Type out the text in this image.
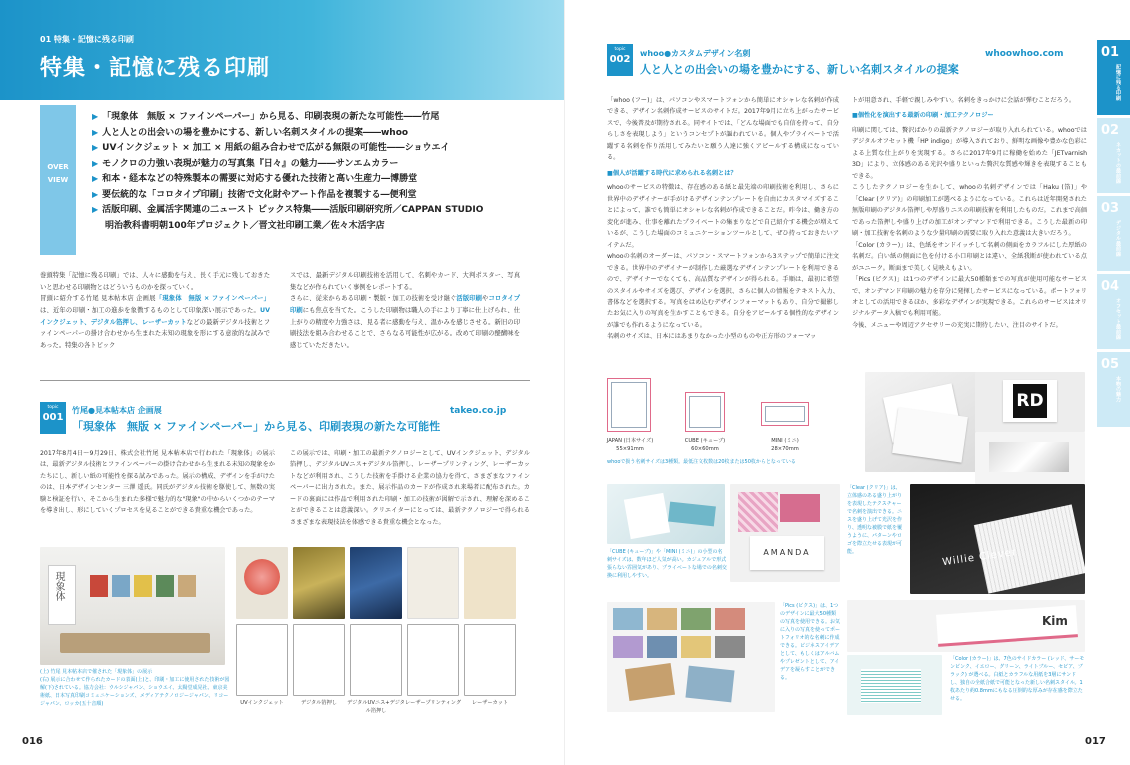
01 特集・記憶に残る印刷
特集・記憶に残る印刷
OVER
VIEW
▶ 「現象体　無版 × ファインペーパー」から見る、印刷表現の新たな可能性――竹尾
▶ 人と人との出会いの場を豊かにする、新しい名刺スタイルの提案――whoo
▶ UVインクジェット × 加工 × 用紙の組み合わせで広がる無限の可能性――ショウエイ
▶ モノクロの力強い表現が魅力の写真集『日々』の魅力――サンエムカラー
▶ 和本・経本などの特殊製本の需要に対応する優れた技術と高い生産力―博勝堂
▶ 要伝統的な「コロタイプ印刷」技術で文化財やアート作品を複製する―便利堂
▶ 活版印刷、金属活字関連の二ュースト ピックス特集――活版印刷研究所／CAPPAN STUDIO
明治教科書明朝100年プロジェクト／晋文社印刷工業／佐々木活字店
巻頭特集「記憶に残る印刷」では、人々に感動を与え、長く手元に残しておきたいと思わせる印刷物とはどういうものかを探っていく。
冒頭に紹介する竹尾 見本帖本店 企画展「現象体　無版 × ファインペーパー」は、近年の印刷・加工の進歩を象徴するものとして印象深い展示であった。UVインクジェット、デジタル箔押し、レーザーカットなどの最新デジタル技術とファインペーパーの掛け合わせから生まれた未知の現象を形にする意欲的な試みであった。特集の各トピック
スでは、最新デジタル印刷技術を活用して、名刺やカード、大判ポスター、写真集などが作られていく事例をレポートする。
さらに、従来からある印刷・製版・加工の技術を受け継ぐ活版印刷やコロタイプ印刷にも焦点を当てた。こうした印刷物は職人の手により丁寧に仕上げられ、仕上がりの精度や力強さは、見る者に感動を与え、温かみを感じさせる。新旧の印刷技法を組み合わせることで、さらなる可能性が広がる。改めて印刷の醍醐味を感じていただきたい。
topic
001
竹尾●見本帖本店 企画展	takeo.co.jp
「現象体　無版 × ファインペーパー」から見る、印刷表現の新たな可能性
2017年8月4日〜9月29日、株式会社竹尾 見本帖本店で行われた「現象体」の展示は、最新デジタル技術とファインペーパーの掛け合わせから生まれる未知の現象をかたちにし、新しい紙の可能性を探る試みであった。展示の構成、デザインを手がけたのは、日本デザインセンター 三澤 遥氏。同氏がデジタル技術を駆使して、無数の実験と検証を行い、そこから生まれた多様で魅力的な"現象"の中からいくつかのテーマを導き出し、形にしていくプロセスを見ることができる貴重な機会であった。
この展示では、印刷・加工の最新テクノロジーとして、UVインクジェット、デジタル箔押し、デジタルUVニス+デジタル箔押し、レーザープリンティング、レーザーカットなどが利用され、こうした技術を手掛ける企業の協力を得て、さまざまなファインペーパーに出力された。また、展示作品のカードが作成され来場者に配布された。カードの裏面には作品で利用された印刷・加工の技術が図解で示され、理解を深めることができることは意義深い。クリエイターにとっては、最新テクノロジーで得られるさまざまな表現技法を体感できる貴重な機会となった。
現象体
(上) 竹尾 見本帖本店で催された「現象体」の展示
(右) 展示に合わせて作られたカードの表面(上)と、印刷・加工に使用された技術が図解(下)されている。協力会社：ウルシジャパン、ショウエイ、太陽堂成晃社、東京美術紙、日本写真印刷コミュニケーションズ、メディアテクノロジージャパン、リコージャパン、ロッカ(五十音順)	UVインクジェット	デジタル箔押し	デジタルUVニス+デジタル箔押し
レーザープリンティング	レーザーカット
016
topic
002
whoo●カスタムデザイン名刺	whoowhoo.com
人と人との出会いの場を豊かにする、新しい名刺スタイルの提案
「whoo (フー)」は、パソコンやスマートフォンから簡単にオシャレな名刺が作成できる、デザイン名刺作成サービスのサイトだ。2017年9月に立ち上がったサービスで、今後普及が期待される。同サイトでは、「どんな場面でも自信を持って、自分らしさを表現しよう」というコンセプトが謳われている。個人やプライベートで活躍する名刺を作り活用してみたいと願う人達に強くアピールする構成になっている。
■個人が活躍する時代に求められる名刺とは？
whooのサービスの特徴は、存在感のある紙と最先端の印刷技術を利用し、さらに世界中のデザイナーが手がけるデザインテンプレートを自由にカスタマイズすることによって、誰でも簡単にオシャレな名刺が作成できることだ。昨今は、働き方の変化が進み、仕事を離れたプライベートの集まりなどで自己紹介する機会が増えているが、こうした場面のコミュニケーションツールとして、ぜひ持っておきたいアイテムだ。
whooの名刺のオーダーは、パソコン・スマートフォンから3ステップで簡単に注文できる。世界中のデザイナーが制作した厳選なデザインテンプレートを利用できるので、デザイナーでなくても、高品質なデザインが得られる。手順は、最初に希望のスタイルやサイズを選び、デザインを選択、さらに個人の情報をテキスト入力、書体などを選択する。写真をはめ込むデザインフォーマットもあり、自分で撮影したお気に入りの写真を生かすこともできる。自分をアピールする個性的なデザインが誰でも作れるようになっている。
名刺のサイズは、日本にはあまりなかった小型のものや正方形のフォーマッ
トが用意され、手軽で親しみやすい。名刺をきっかけに会話が弾むことだろう。
■個性化を演出する最新の印刷・加工テクノロジー
印刷に関しては、贅沢ばかりの最新テクノロジーが取り入れられている。whooではデジタルオフセット機「HP indigo」が導入されており、鮮明な画像や豊かな色彩による上質な仕上がりを実現する。さらに2017年9月に稼働を始めた「JETvarnish 3D」により、立体感のある光沢や盛りといった贅沢な質感や輝きを表現することもできる。
こうしたテクノロジーを生かして、whooの名刺デザインでは「Haku (箔)」や「Clear (クリア)」の印刷加工が選べるようになっている。これらは近年開発された無版印刷のデジタル箔押しや厚盛りニスの印刷技術を利用したものだ。これまで高価であった箔押しや盛り上げの加工がオンデマンドで利用できる。こうした最新の印刷・加工技術を名刺のような少量印刷の需要に取り入れた意義は大きいだろう。
「Color (カラー)」は、色紙をサンドイッチして名刺の側面をカラフルにした厚紙の名刺だ。白い紙の側面に色を付ける小口印刷とは違い、全紙我断が使われている点がユニーク。断面まで美しく見映えもよい。
「Pics (ピクス)」は1つのデザインに最大50種類までの写真が使用可能なサービスで、オンデマンド印刷の魅力を存分に発揮したサービスになっている。ポートフォリオとしての活用できるほか、多彩なデザインが実現できる。これらのサービスはオリジナルデータ入稿でも利用可能。
今後、メニューや周辺アクセサリーの充実に期待したい、注目のサイトだ。
JAPAN (日本サイズ)
55×91mm
CUBE (キューブ)
60×60mm
MINI (ミニ)
28×70mm
whooで扱う名刺サイズは3種類。最低注文枚数は20枚または50枚からとなっている
RD
「CUBE (キューブ)」や「MINI (ミニ)」の小型の名刺サイズは、数年ほど人気が高い。カジュアルで形式張らない雰囲気があり、プライベートな場での名刺交換に利用しやすい。
AMANDA
「Clear (クリア)」は、立体感のある盛り上がりを表現したテクスチャーで名刺を演出できる。ニスを盛り上げて光沢を作り、透明な被膜で紙を覆うように、パターンやロゴを際立たせる表現が可能。	Willie Clever
「Pics (ピクス)」は、1つのデザインに最大50種類の写真を使用できる。お気に入りの写真を使ってポートフォリオ的な名刺に作成できる。ビジネスアイデアとして、もしくはアルバムやプレゼントとして、アイデアを凝らすことができる。
Kim
「Color (カラー)」は、7色のサイドカラー (レッド、サーモンピンク、イエロー、グリーン、ライトブルー、セピア、ブラック) が選べる。白紙とカラフルな用紙を3層にサンドし、独自の全紙合紙で可能となった新しい名刺スタイル。1枚あたり約0.8mmにもなる圧倒的な厚みが存在感を際立たせる。
017
01
記憶に残る印刷
02
ネカットの最前線
03
デジタル最前線
04
オフセット最前線
05
本物の魅力
